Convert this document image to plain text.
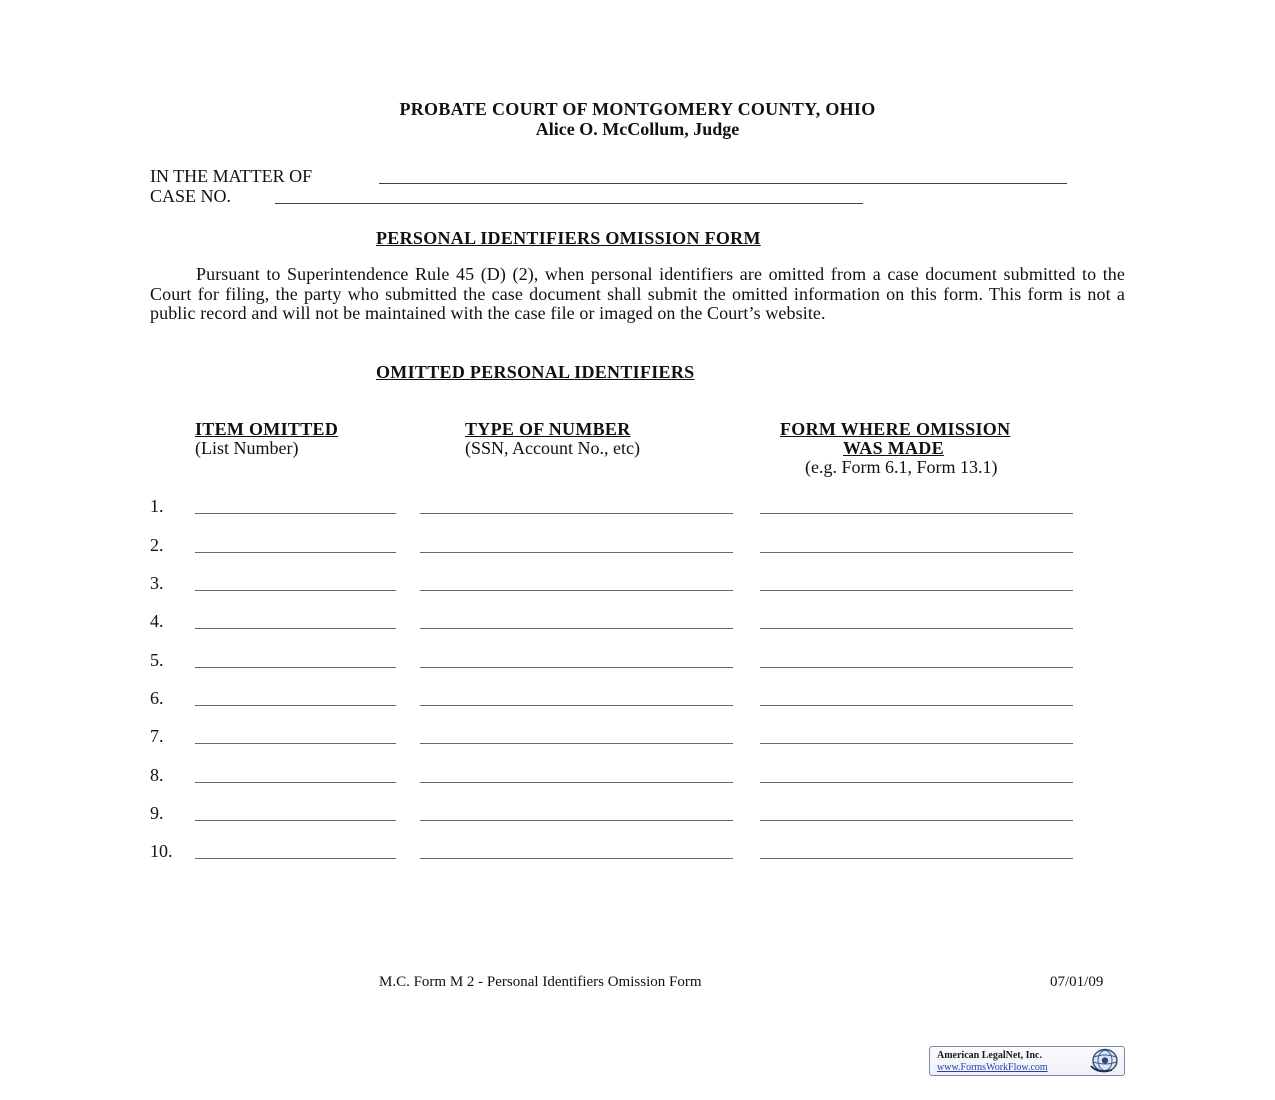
PROBATE COURT OF MONTGOMERY COUNTY, OHIO
Alice O. McCollum, Judge
IN THE MATTER OF
CASE NO.
PERSONAL IDENTIFIERS OMISSION FORM
Pursuant to Superintendence Rule 45 (D) (2), when personal identifiers are omitted from a case document submitted to the Court for filing, the party who submitted the case document shall submit the omitted information on this form. This form is not a public record and will not be maintained with the case file or imaged on the Court’s website.
OMITTED PERSONAL IDENTIFIERS
ITEM OMITTED
(List Number)
TYPE OF NUMBER
(SSN, Account No., etc)
FORM WHERE OMISSION
WAS MADE
(e.g. Form 6.1, Form 13.1)
1.
2.
3.
4.
5.
6.
7.
8.
9.
10.
M.C. Form M 2 - Personal Identifiers Omission Form	07/01/09
American LegalNet, Inc.
www.FormsWorkFlow.com
